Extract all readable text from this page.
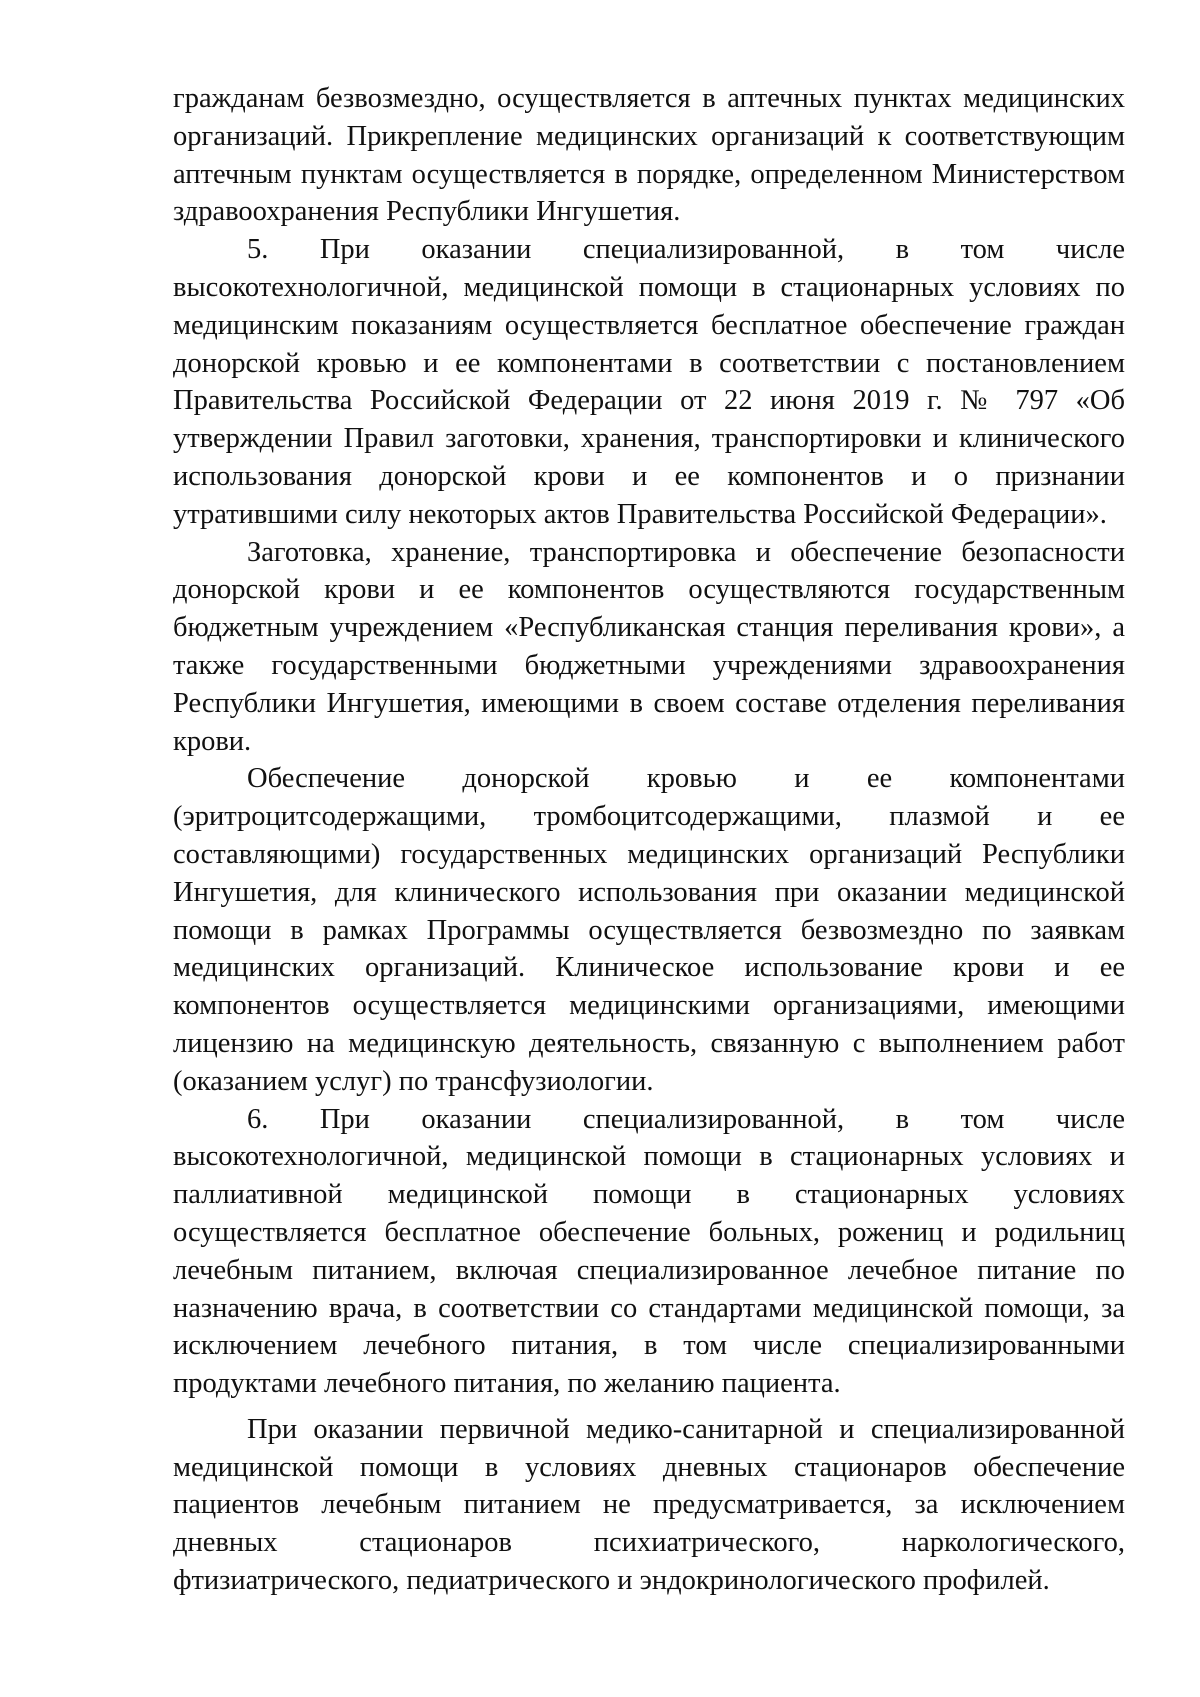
гражданам безвозмездно, осуществляется в аптечных пунктах медицинских организаций. Прикрепление медицинских организаций к соответствующим аптечным пунктам осуществляется в порядке, определенном Министерством здравоохранения Республики Ингушетия.

5. При оказании специализированной, в том числе высокотехнологичной, медицинской помощи в стационарных условиях по медицинским показаниям осуществляется бесплатное обеспечение граждан донорской кровью и ее компонентами в соответствии с постановлением Правительства Российской Федерации от 22 июня 2019 г. № 797 «Об утверждении Правил заготовки, хранения, транспортировки и клинического использования донорской крови и ее компонентов и о признании утратившими силу некоторых актов Правительства Российской Федерации».

Заготовка, хранение, транспортировка и обеспечение безопасности донорской крови и ее компонентов осуществляются государственным бюджетным учреждением «Республиканская станция переливания крови», а также государственными бюджетными учреждениями здравоохранения Республики Ингушетия, имеющими в своем составе отделения переливания крови.

Обеспечение донорской кровью и ее компонентами (эритроцитсодержащими, тромбоцитсодержащими, плазмой и ее составляющими) государственных медицинских организаций Республики Ингушетия, для клинического использования при оказании медицинской помощи в рамках Программы осуществляется безвозмездно по заявкам медицинских организаций. Клиническое использование крови и ее компонентов осуществляется медицинскими организациями, имеющими лицензию на медицинскую деятельность, связанную с выполнением работ (оказанием услуг) по трансфузиологии.

6. При оказании специализированной, в том числе высокотехнологичной, медицинской помощи в стационарных условиях и паллиативной медицинской помощи в стационарных условиях осуществляется бесплатное обеспечение больных, рожениц и родильниц лечебным питанием, включая специализированное лечебное питание по назначению врача, в соответствии со стандартами медицинской помощи, за исключением лечебного питания, в том числе специализированными продуктами лечебного питания, по желанию пациента.

При оказании первичной медико-санитарной и специализированной медицинской помощи в условиях дневных стационаров обеспечение пациентов лечебным питанием не предусматривается, за исключением дневных стационаров психиатрического, наркологического, фтизиатрического, педиатрического и эндокринологического профилей.
